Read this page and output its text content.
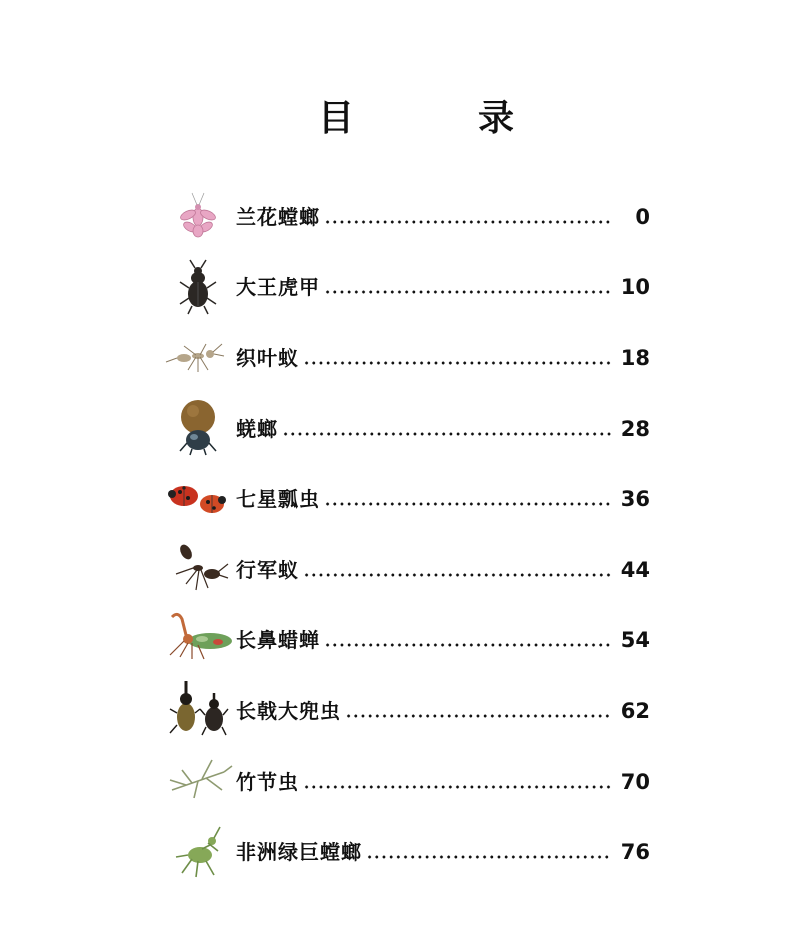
目　录
兰花螳螂	0
大王虎甲	10
织叶蚁	18
蜣螂	28
七星瓢虫	36
行军蚁	44
长鼻蜡蝉	54
长戟大兜虫	62
竹节虫	70
非洲绿巨螳螂	76
